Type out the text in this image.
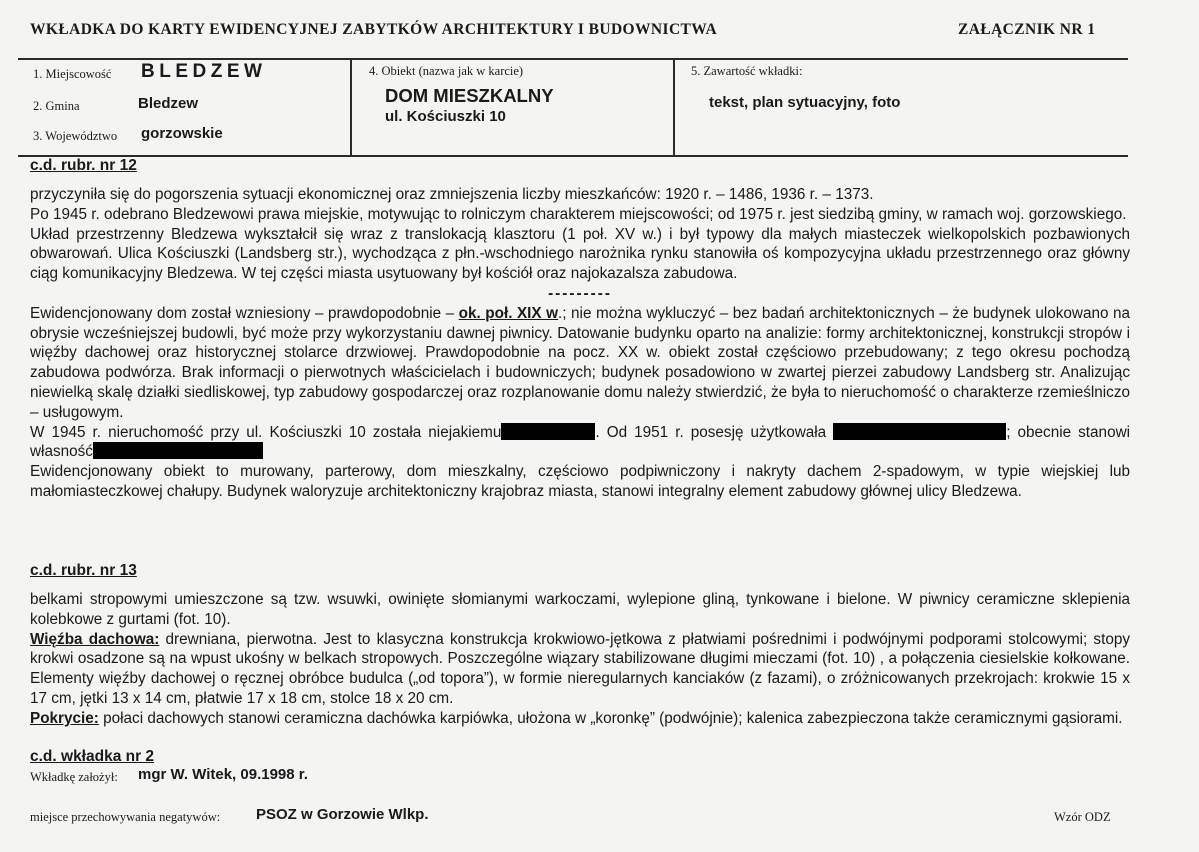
WKŁADKA DO KARTY EWIDENCYJNEJ ZABYTKÓW ARCHITEKTURY I BUDOWNICTWA	ZAŁĄCZNIK NR 1
1. Miejscowość BLEDZEW
2. Gmina	Bledzew
3. Województwo gorzowskie
4. Obiekt (nazwa jak w karcie)
DOM MIESZKALNY
ul. Kościuszki 10
5. Zawartość wkładki:
tekst, plan sytuacyjny, foto
c.d. rubr. nr 12

przyczyniła się do pogorszenia sytuacji ekonomicznej oraz zmniejszenia liczby mieszkańców: 1920 r. – 1486, 1936 r. – 1373.

Po 1945 r. odebrano Bledzewowi prawa miejskie, motywując to rolniczym charakterem miejscowości; od 1975 r. jest siedzibą gminy, w ramach woj. gorzowskiego.

Układ przestrzenny Bledzewa wykształcił się wraz z translokacją klasztoru (1 poł. XV w.) i był typowy dla małych miasteczek wielkopolskich pozbawionych obwarowań. Ulica Kościuszki (Landsberg str.), wychodząca z płn.-wschodniego narożnika rynku stanowiła oś kompozycyjna układu przestrzennego oraz główny ciąg komunikacyjny Bledzewa. W tej części miasta usytuowany był kościół oraz najokazalsza zabudowa.

---------

Ewidencjonowany dom został wzniesiony – prawdopodobnie – ok. poł. XIX w.; nie można wykluczyć – bez badań architektonicznych – że budynek ulokowano na obrysie wcześniejszej budowli, być może przy wykorzystaniu dawnej piwnicy. Datowanie budynku oparto na analizie: formy architektonicznej, konstrukcji stropów i więźby dachowej oraz historycznej stolarce drzwiowej. Prawdopodobnie na pocz. XX w. obiekt został częściowo przebudowany; z tego okresu pochodzą zabudowa podwórza. Brak informacji o pierwotnych właścicielach i budowniczych; budynek posadowiono w zwartej pierzei zabudowy Landsberg str. Analizując niewielką skalę działki siedliskowej, typ zabudowy gospodarczej oraz rozplanowanie domu należy stwierdzić, że była to nieruchomość o charakterze rzemieślniczo – usługowym.

W 1945 r. nieruchomość przy ul. Kościuszki 10 została niejakiemu	. Od 1951 r. posesję użytkowała	; obecnie stanowi własność

Ewidencjonowany obiekt to murowany, parterowy, dom mieszkalny, częściowo podpiwniczony i nakryty dachem 2-spadowym, w typie wiejskiej lub małomiasteczkowej chałupy. Budynek waloryzuje architektoniczny krajobraz miasta, stanowi integralny element zabudowy głównej ulicy Bledzewa.

c.d. rubr. nr 13

belkami stropowymi umieszczone są tzw. wsuwki, owinięte słomianymi warkoczami, wylepione gliną, tynkowane i bielone. W piwnicy ceramiczne sklepienia kolebkowe z gurtami (fot. 10).

Więźba dachowa: drewniana, pierwotna. Jest to klasyczna konstrukcja krokwiowo-jętkowa z płatwiami pośrednimi i podwójnymi podporami stolcowymi; stopy krokwi osadzone są na wpust ukośny w belkach stropowych. Poszczególne wiązary stabilizowane długimi mieczami (fot. 10) , a połączenia ciesielskie kołkowane. Elementy więźby dachowej o ręcznej obróbce budulca („od topora”), w formie nieregularnych kanciaków (z fazami), o zróżnicowanych przekrojach: krokwie 15 x 17 cm, jętki 13 x 14 cm, płatwie 17 x 18 cm, stolce 18 x 20 cm.

Pokrycie: połaci dachowych stanowi ceramiczna dachówka karpiówka, ułożona w „koronkę” (podwójnie); kalenica zabezpieczona także ceramicznymi gąsiorami.

c.d. wkładka nr 2
Wkładkę założył: mgr W. Witek, 09.1998 r.
miejsce przechowywania negatywów: PSOZ w Gorzowie Wlkp.	Wzór ODZ
